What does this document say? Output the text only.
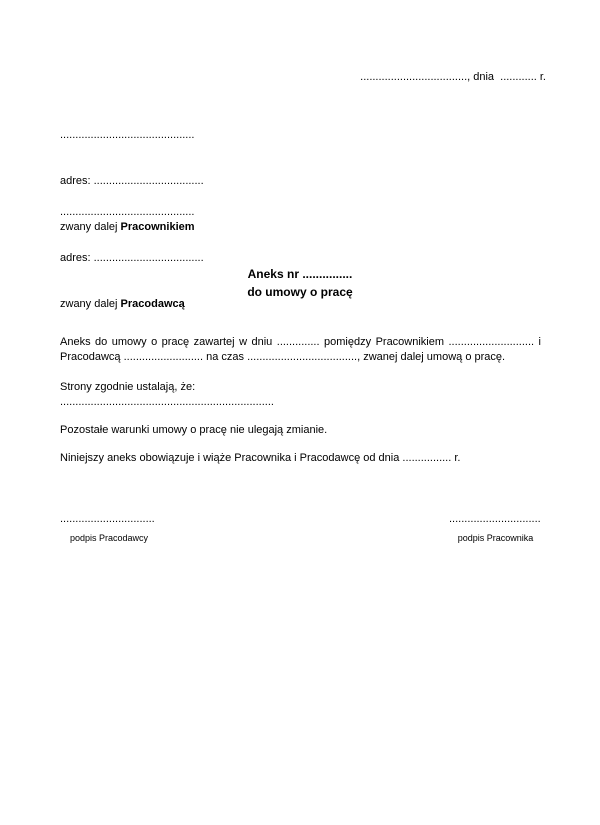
..................................., dnia  ............ r.

............................................

adres: ....................................

zwany dalej Pracownikiem

............................................

adres: ....................................

zwany dalej Pracodawcą

Aneks nr ...............
do umowy o pracę
Aneks do umowy o pracę zawartej w dniu .............. pomiędzy Pracownikiem ............................ i
Pracodawcą .......................... na czas ...................................., zwanej dalej umową o pracę.
Strony zgodnie ustalają, że:
......................................................................
Pozostałe warunki umowy o pracę nie ulegają zmianie.
Niniejszy aneks obowiązuje i wiąże Pracownika i Pracodawcę od dnia ................ r.
...............................
podpis Pracodawcy
..............................
podpis Pracownika
